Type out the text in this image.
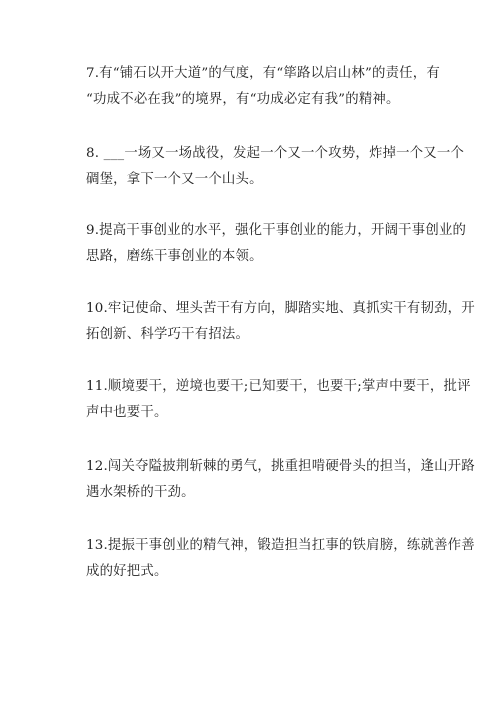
7.有“铺石以开大道”的气度，有“筚路以启山林”的责任，有
“功成不必在我”的境界，有“功成必定有我”的精神。

8. ___一场又一场战役，发起一个又一个攻势，炸掉一个又一个
碉堡，拿下一个又一个山头。

9.提高干事创业的水平，强化干事创业的能力，开阔干事创业的
思路，磨练干事创业的本领。

10.牢记使命、埋头苦干有方向，脚踏实地、真抓实干有韧劲，开
拓创新、科学巧干有招法。

11.顺境要干，逆境也要干;已知要干，也要干;掌声中要干，批评
声中也要干。

12.闯关夺隘披荆斩棘的勇气，挑重担啃硬骨头的担当，逢山开路
遇水架桥的干劲。

13.提振干事创业的精气神，锻造担当扛事的铁肩膀，练就善作善
成的好把式。
